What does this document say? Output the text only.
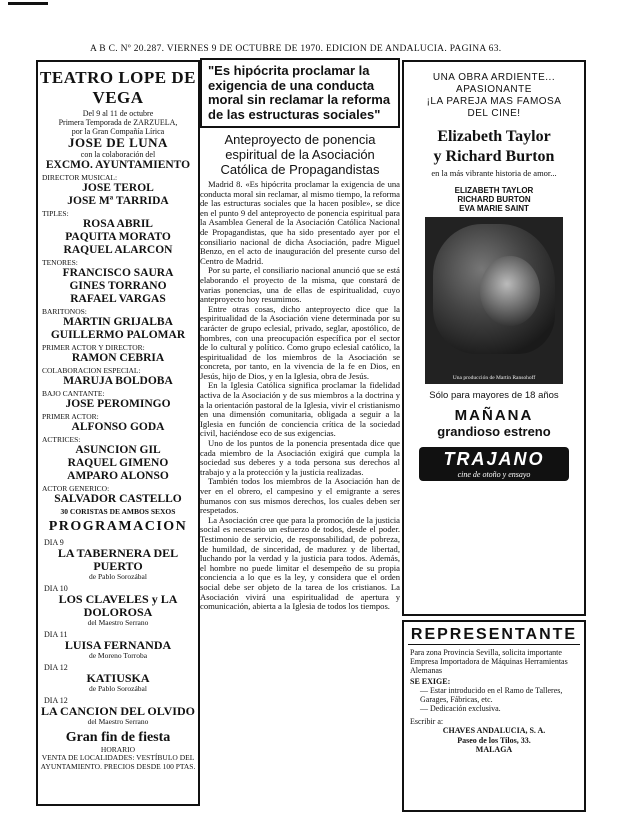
A B C. Nº 20.287. VIERNES 9 DE OCTUBRE DE 1970. EDICION DE ANDALUCIA. PAGINA 63.
TEATRO LOPE DE VEGA

Del 9 al 11 de octubre

Primera Temporada de ZARZUELA,

por la Gran Compañía Lírica

JOSE DE LUNA

con la colaboración del

EXCMO. AYUNTAMIENTO
DIRECTOR MUSICAL:
JOSE TEROL
JOSE Mª TARRIDA
TIPLES:
ROSA ABRIL
PAQUITA MORATO
RAQUEL ALARCON
TENORES:
FRANCISCO SAURA
GINES TORRANO
RAFAEL VARGAS
BARITONOS:
MARTIN GRIJALBA
GUILLERMO PALOMAR
PRIMER ACTOR Y DIRECTOR:
RAMON CEBRIA
COLABORACION ESPECIAL:
MARUJA BOLDOBA
BAJO CANTANTE:
JOSE PEROMINGO
PRIMER ACTOR:
ALFONSO GODA
ACTRICES:
ASUNCION GIL
RAQUEL GIMENO
AMPARO ALONSO
ACTOR GENERICO:
SALVADOR CASTELLO
30 CORISTAS DE AMBOS SEXOS
PROGRAMACION
DIA 9
LA TABERNERA DEL PUERTO
de Pablo Sorozábal
DIA 10
LOS CLAVELES y LA DOLOROSA
del Maestro Serrano
DIA 11
LUISA FERNANDA
de Moreno Torroba
DIA 12
KATIUSKA
de Pablo Sorozábal
DIA 12
LA CANCION DEL OLVIDO
del Maestro Serrano
Gran fin de fiesta
HORARIO
VENTA DE LOCALIDADES: VESTÍBULO DEL AYUNTAMIENTO. PRECIOS DESDE 100 PTAS.
"Es hipócrita proclamar la exigencia de una conducta moral sin reclamar la reforma de las estructuras sociales"
Anteproyecto de ponencia espiritual de la Asociación Católica de Propagandistas

Madrid 8. «Es hipócrita proclamar la exigencia de una conducta moral sin reclamar, al mismo tiempo, la reforma de las estructuras sociales que la hacen posible», se dice en el punto 9 del anteproyecto de ponencia espiritual para la Asamblea General de la Asociación Católica Nacional de Propagandistas, que ha sido presentado ayer por el consiliario nacional de dicha Asociación, padre Miguel Benzo, en el acto de inauguración del presente curso del Centro de Madrid.

Por su parte, el consiliario nacional anunció que se está elaborando el proyecto de la misma, que constará de varias ponencias, una de ellas de espiritualidad, cuyo anteproyecto hoy resumimos.

Entre otras cosas, dicho anteproyecto dice que la espiritualidad de la Asociación viene determinada por su carácter de grupo eclesial, privado, seglar, apostólico, de hombres, con una preocupación específica por el sector de lo cultural y político. Como grupo eclesial católico, la espiritualidad de los miembros de la Asociación se concreta, por tanto, en la vivencia de la fe en Dios, en Jesús, hijo de Dios, y en la Iglesia, obra de Jesús.

En la Iglesia Católica significa proclamar la fidelidad activa de la Asociación y de sus miembros a la doctrina y a la orientación pastoral de la Iglesia, vivir el cristianismo en una dimensión comunitaria, obligada a seguir a la Iglesia en función de conciencia crítica de la sociedad civil, haciéndose eco de sus exigencias.

Uno de los puntos de la ponencia presentada dice que cada miembro de la Asociación exigirá que cumpla la sociedad sus deberes y a toda persona sus derechos al trabajo y a la protección y la justicia realizadas.

También todos los miembros de la Asociación han de ver en el obrero, el campesino y el emigrante a seres humanos con sus mismos derechos, los cuales deben ser respetados.

La Asociación cree que para la promoción de la justicia social es necesario un esfuerzo de todos, desde el poder. Testimonio de servicio, de responsabilidad, de pobreza, de humildad, de sinceridad, de madurez y de libertad, luchando por la verdad y la justicia para todos. Además, el hombre no puede limitar el desempeño de su propia conciencia a lo que es la ley, y considera que el orden social debe ser objeto de la tarea de los cristianos. La Asociación vivirá una espiritualidad de apertura y comunicación, abierta a la Iglesia de todos los tiempos.

UNA OBRA ARDIENTE...
APASIONANTE
¡LA PAREJA MAS FAMOSA
DEL CINE!
Elizabeth Taylor
y Richard Burton
en la más vibrante historia de amor...
ELIZABETH TAYLOR
RICHARD BURTON
EVA MARIE SAINT
Una producción de Martin Ransohoff
Sólo para mayores de 18 años
MAÑANA
grandioso estreno
TRAJANO
cine de otoño y ensayo
REPRESENTANTE

Para zona Provincia Sevilla, solicita importante Empresa Importadora de Máquinas Herramientas Alemanas

SE EXIGE:

— Estar introducido en el Ramo de Talleres, Garages, Fábricas, etc.

— Dedicación exclusiva.

Escribir a:

CHAVES ANDALUCIA, S. A.

Paseo de los Tilos, 33.

MALAGA
